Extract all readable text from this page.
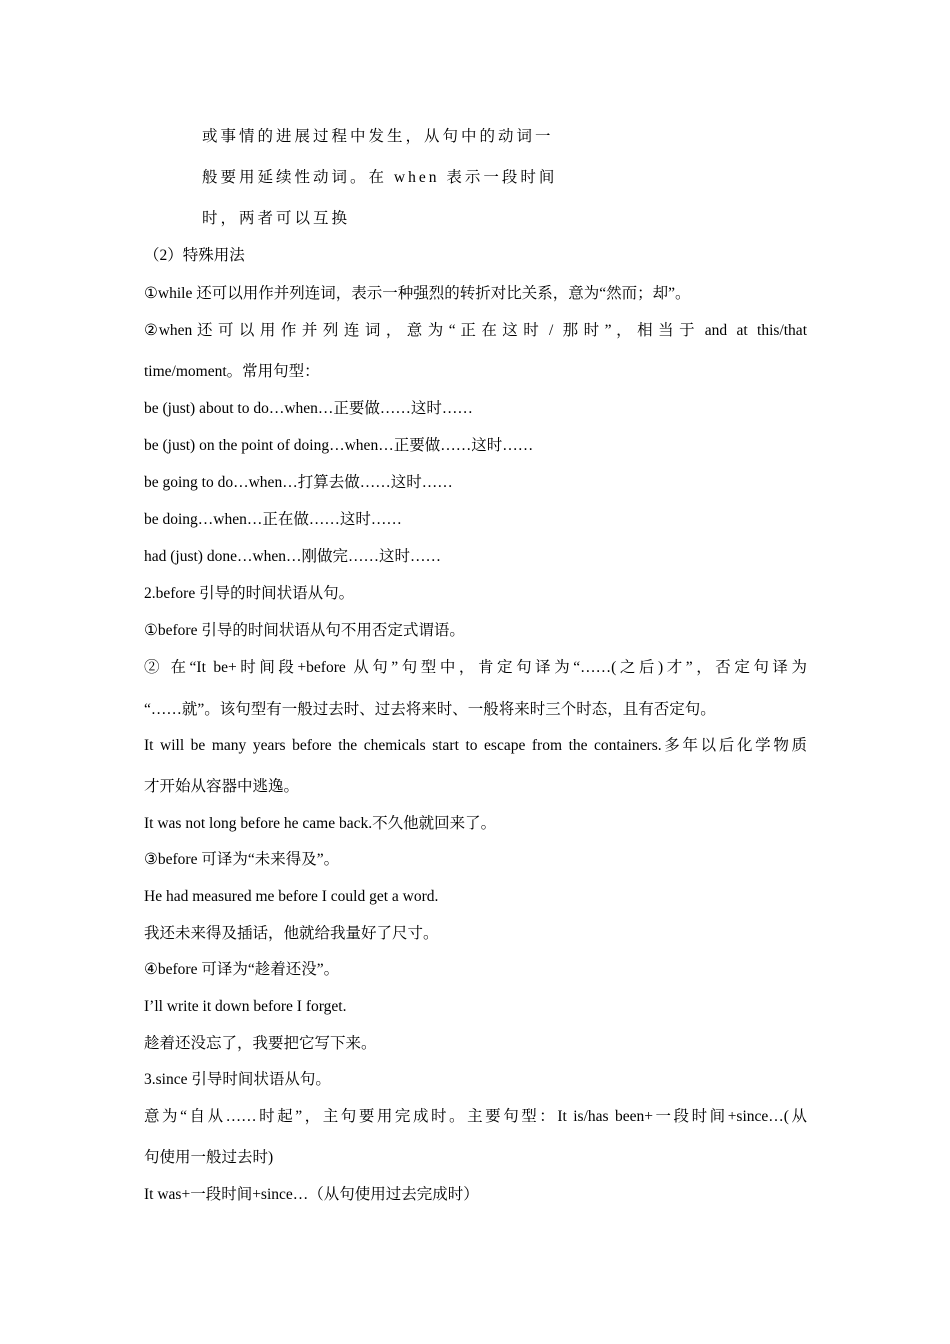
或事情的进展过程中发生，从句中的动词一
般要用延续性动词。在 when 表示一段时间
时，两者可以互换
（2）特殊用法
①while 还可以用作并列连词，表示一种强烈的转折对比关系，意为“然而；却”。
②when 还 可 以 用 作 并 列 连 词 ， 意 为 “ 正 在 这 时  /  那 时 ” ， 相 当 于  and  at  this/that
time/moment。常用句型：
be (just) about to do…when…正要做……这时……
be (just) on the point of doing…when…正要做……这时……
be going to do…when…打算去做……这时……
be doing…when…正在做……这时……
had (just) done…when…刚做完……这时……
2.before 引导的时间状语从句。
①before 引导的时间状语从句不用否定式谓语。
② 在“It be+时间段+before 从句”句型中，肯定句译为“……(之后)才”，否定句译为
“……就”。该句型有一般过去时、过去将来时、一般将来时三个时态，且有否定句。
It will be many years before the chemicals start to escape from the containers.多年以后化学物质
才开始从容器中逃逸。
It was not long before he came back.不久他就回来了。
③before 可译为“未来得及”。
He had measured me before I could get a word.
我还未来得及插话，他就给我量好了尺寸。
④before 可译为“趁着还没”。
I’ll write it down before I forget.
趁着还没忘了，我要把它写下来。
3.since 引导时间状语从句。
意为“自从……时起”，主句要用完成时。主要句型：It is/has been+一段时间+since…(从
句使用一般过去时)
It was+一段时间+since…（从句使用过去完成时）
